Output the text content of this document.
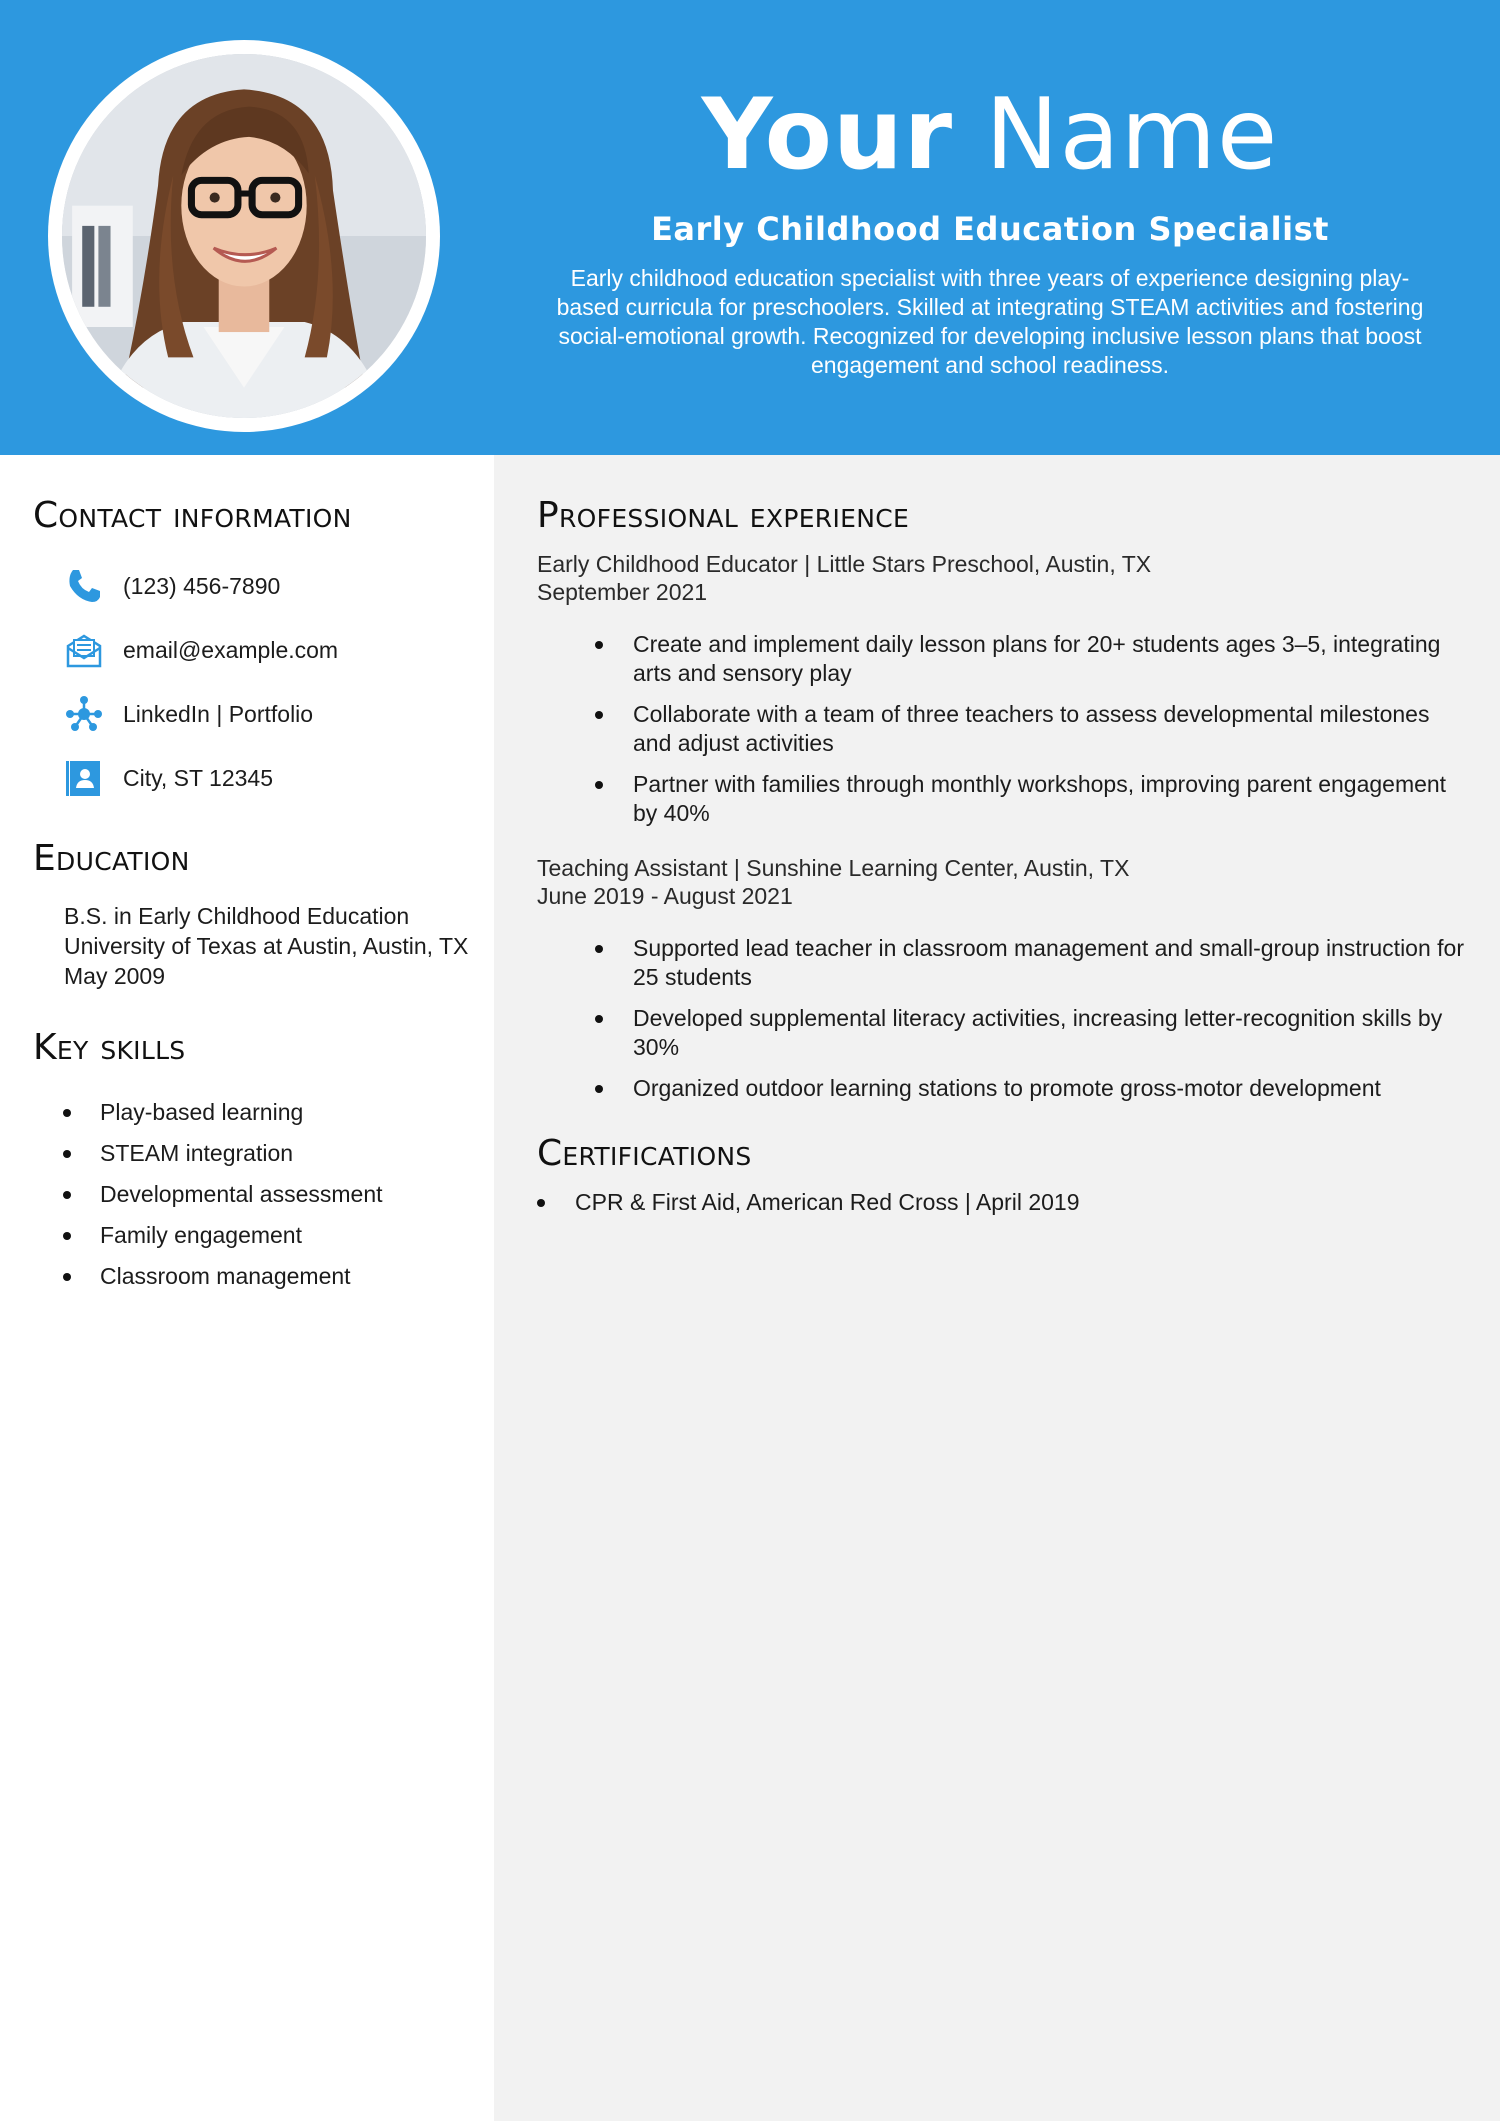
Your Name
Early Childhood Education Specialist
Early childhood education specialist with three years of experience designing play-based curricula for preschoolers. Skilled at integrating STEAM activities and fostering social-emotional growth. Recognized for developing inclusive lesson plans that boost engagement and school readiness.
Contact information
(123) 456-7890
email@example.com
LinkedIn | Portfolio
City, ST 12345
Education
B.S. in Early Childhood Education
University of Texas at Austin, Austin, TX
May 2009
Key skills
Play-based learning
STEAM integration
Developmental assessment
Family engagement
Classroom management
Professional experience
Early Childhood Educator | Little Stars Preschool, Austin, TX
September 2021
Create and implement daily lesson plans for 20+ students ages 3–5, integrating arts and sensory play
Collaborate with a team of three teachers to assess developmental milestones and adjust activities
Partner with families through monthly workshops, improving parent engagement by 40%
Teaching Assistant | Sunshine Learning Center, Austin, TX
June 2019 - August 2021
Supported lead teacher in classroom management and small-group instruction for 25 students
Developed supplemental literacy activities, increasing letter-recognition skills by 30%
Organized outdoor learning stations to promote gross-motor development
Certifications
CPR & First Aid, American Red Cross | April 2019
